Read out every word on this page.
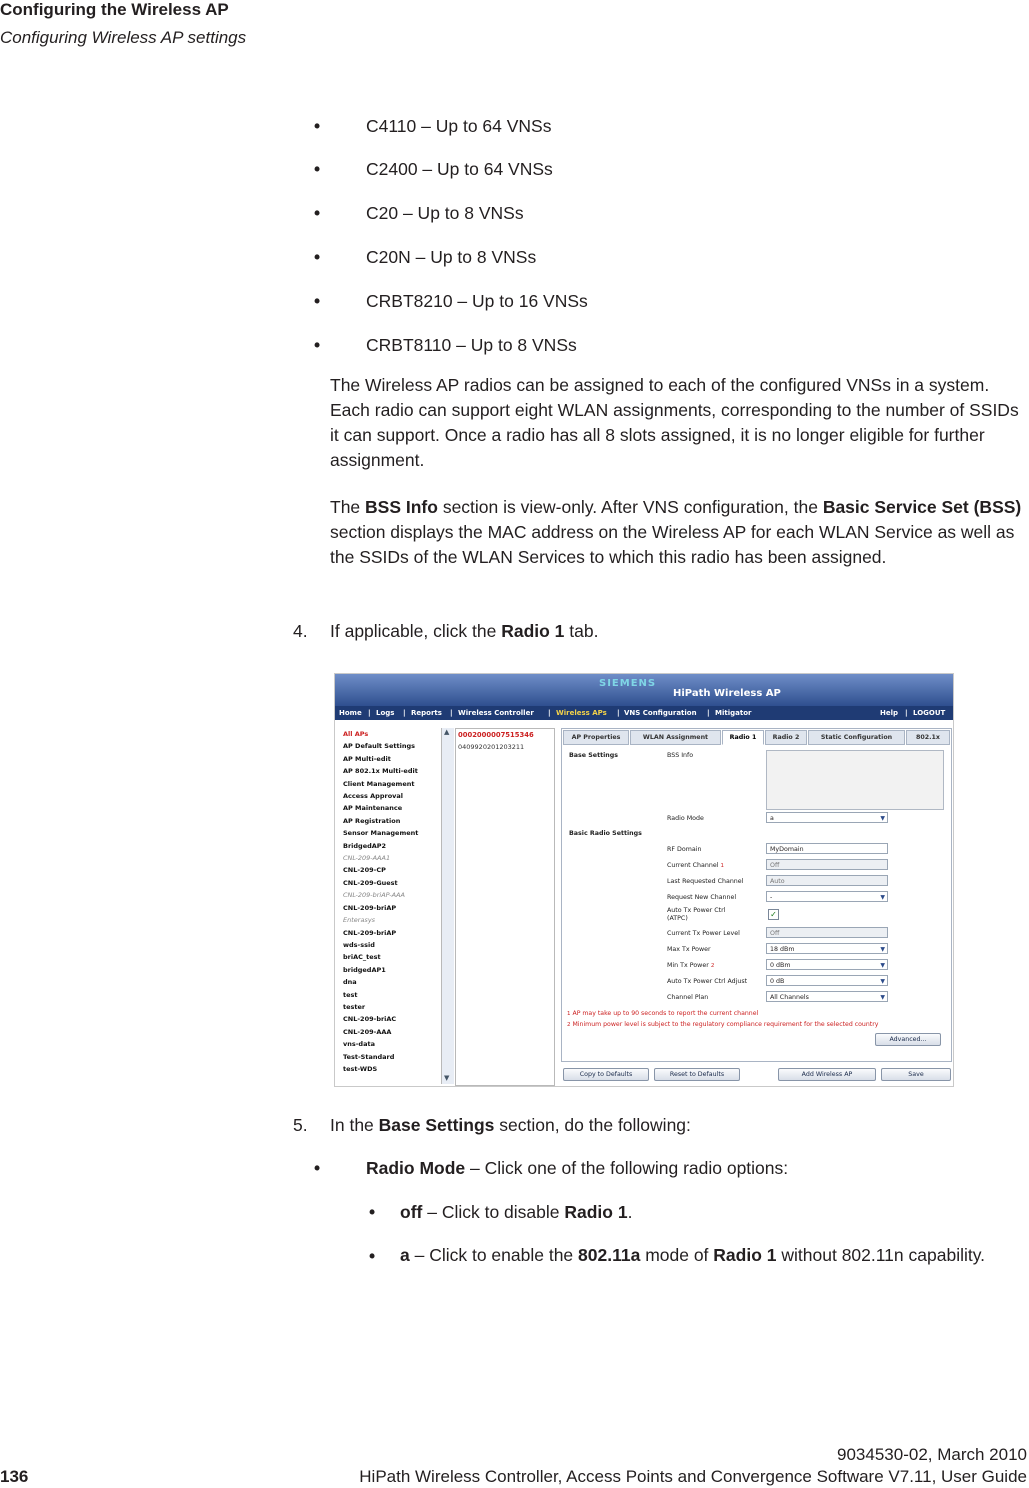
Configuring the Wireless AP
Configuring Wireless AP settings
•	C4110 – Up to 64 VNSs
•	C2400 – Up to 64 VNSs
•	C20 – Up to 8 VNSs
•	C20N – Up to 8 VNSs
•	CRBT8210 – Up to 16 VNSs
•	CRBT8110 – Up to 8 VNSs
The Wireless AP radios can be assigned to each of the configured VNSs in a system. Each radio can support eight WLAN assignments, corresponding to the number of SSIDs it can support. Once a radio has all 8 slots assigned, it is no longer eligible for further assignment.
The BSS Info section is view-only. After VNS configuration, the Basic Service Set (BSS) section displays the MAC address on the Wireless AP for each WLAN Service as well as the SSIDs of the WLAN Services to which this radio has been assigned.
4. If applicable, click the Radio 1 tab.
SIEMENS
HiPath Wireless AP
Home | Logs | Reports | Wireless Controller | Wireless APs | VNS Configuration | Mitigator	Help | LOGOUT
All APs
AP Default Settings
AP Multi-edit
AP 802.1x Multi-edit
Client Management
Access Approval
AP Maintenance
AP Registration
Sensor Management
BridgedAP2
CNL-209-AAA1
CNL-209-CP
CNL-209-Guest
CNL-209-briAP-AAA
CNL-209-briAP
Enterasys
CNL-209-briAP
wds-ssid
briAC_test
bridgedAP1
dna
test
tester
CNL-209-briAC
CNL-209-AAA
vns-data
Test-Standard
test-WDS
0002000007515346
0409920201203211
▲
▼
AP Properties	WLAN Assignment	Radio 1	Radio 2	Static Configuration	802.1x
Base Settings	BSS Info
Radio Mode	a	▼
Basic Radio Settings
RF Domain	MyDomain
Current Channel 1	Off
Last Requested Channel	Auto
Request New Channel	-	▼
Auto Tx Power Ctrl
(ATPC)	✓
Current Tx Power Level	Off
Max Tx Power	18 dBm	▼
Min Tx Power 2	0 dBm	▼
Auto Tx Power Ctrl Adjust	0 dB	▼
Channel Plan	All Channels	▼
1 AP may take up to 90 seconds to report the current channel
2 Minimum power level is subject to the regulatory compliance requirement for the selected country
Advanced...
Copy to Defaults	Reset to Defaults	Add Wireless AP	Save
5. In the Base Settings section, do the following:
•	Radio Mode – Click one of the following radio options:
• off – Click to disable Radio 1.
• a – Click to enable the 802.11a mode of Radio 1 without 802.11n capability.
9034530-02, March 2010
136	HiPath Wireless Controller, Access Points and Convergence Software V7.11, User Guide
